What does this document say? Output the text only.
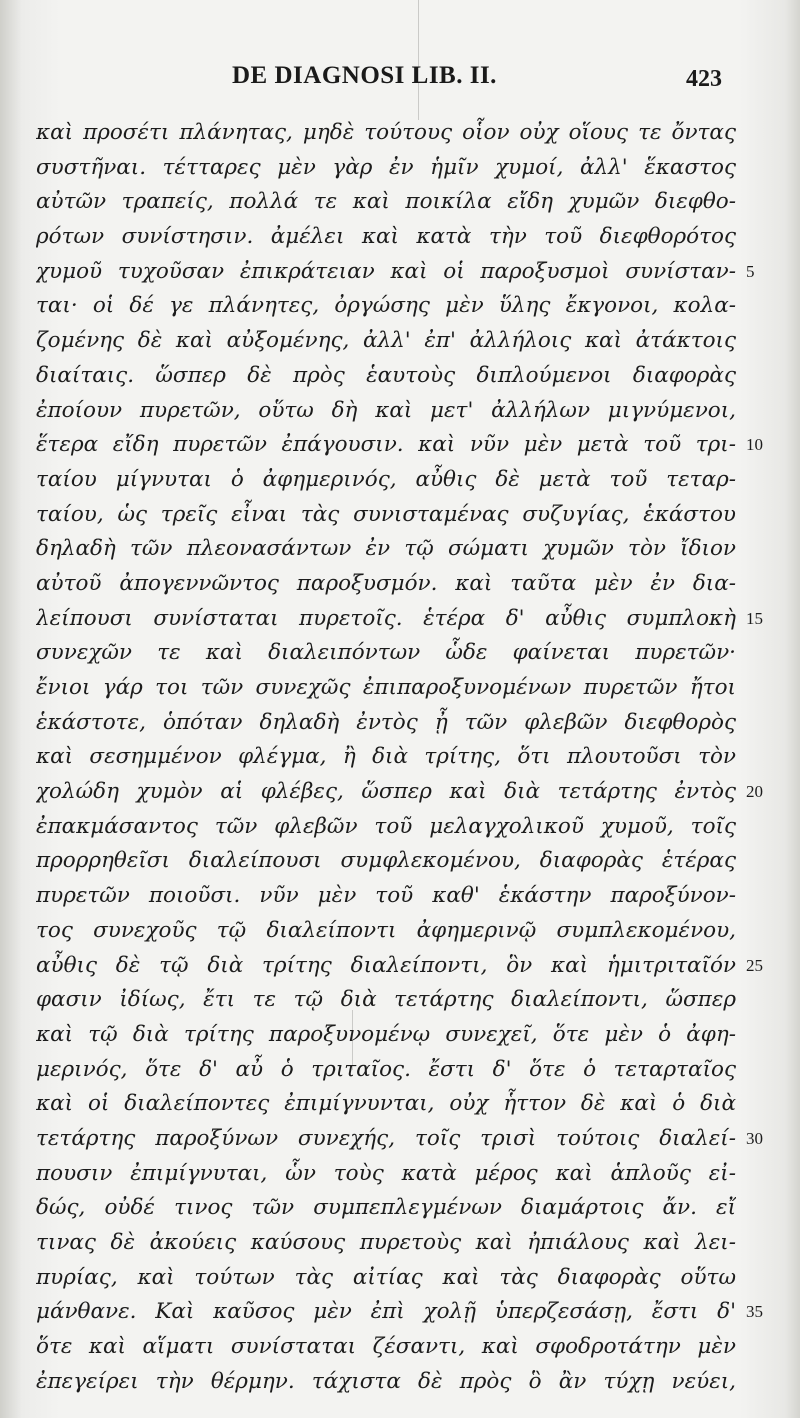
DE DIAGNOSI LIB. II.	423
καὶ προσέτι πλάνητας, μηδὲ τούτους οἷον οὐχ οἵους τε ὄντας
συστῆναι. τέτταρες μὲν γὰρ ἐν ἡμῖν χυμοί, ἀλλ' ἕκαστος
αὐτῶν τραπείς, πολλά τε καὶ ποικίλα εἴδη χυμῶν διεφθο-
ρότων συνίστησιν. ἀμέλει καὶ κατὰ τὴν τοῦ διεφθορότος
χυμοῦ τυχοῦσαν ἐπικράτειαν καὶ οἱ παροξυσμοὶ συνίσταν- 5
ται· οἱ δέ γε πλάνητες, ὀργώσης μὲν ὕλης ἔκγονοι, κολα-
ζομένης δὲ καὶ αὐξομένης, ἀλλ' ἐπ' ἀλλήλοις καὶ ἀτάκτοις
διαίταις. ὥσπερ δὲ πρὸς ἑαυτοὺς διπλούμενοι διαφορὰς
ἐποίουν πυρετῶν, οὕτω δὴ καὶ μετ' ἀλλήλων μιγνύμενοι,
ἕτερα εἴδη πυρετῶν ἐπάγουσιν. καὶ νῦν μὲν μετὰ τοῦ τρι- 10
ταίου μίγνυται ὁ ἀφημερινός, αὖθις δὲ μετὰ τοῦ τεταρ-
ταίου, ὡς τρεῖς εἶναι τὰς συνισταμένας συζυγίας, ἑκάστου
δηλαδὴ τῶν πλεονασάντων ἐν τῷ σώματι χυμῶν τὸν ἴδιον
αὐτοῦ ἀπογεννῶντος παροξυσμόν. καὶ ταῦτα μὲν ἐν δια-
λείπουσι συνίσταται πυρετοῖς. ἑτέρα δ' αὖθις συμπλοκὴ 15
συνεχῶν τε καὶ διαλειπόντων ὧδε φαίνεται πυρετῶν·
ἔνιοι γάρ τοι τῶν συνεχῶς ἐπιπαροξυνομένων πυρετῶν ἤτοι
ἑκάστοτε, ὁπόταν δηλαδὴ ἐντὸς ᾖ τῶν φλεβῶν διεφθορὸς
καὶ σεσημμένον φλέγμα, ἢ διὰ τρίτης, ὅτι πλουτοῦσι τὸν
χολώδη χυμὸν αἱ φλέβες, ὥσπερ καὶ διὰ τετάρτης ἐντὸς 20
ἐπακμάσαντος τῶν φλεβῶν τοῦ μελαγχολικοῦ χυμοῦ, τοῖς
προρρηθεῖσι διαλείπουσι συμφλεκομένου, διαφορὰς ἑτέρας
πυρετῶν ποιοῦσι. νῦν μὲν τοῦ καθ' ἑκάστην παροξύνον-
τος συνεχοῦς τῷ διαλείποντι ἀφημερινῷ συμπλεκομένου,
αὖθις δὲ τῷ διὰ τρίτης διαλείποντι, ὃν καὶ ἡμιτριταῖόν 25
φασιν ἰδίως, ἔτι τε τῷ διὰ τετάρτης διαλείποντι, ὥσπερ
καὶ τῷ διὰ τρίτης παροξυνομένῳ συνεχεῖ, ὅτε μὲν ὁ ἀφη-
μερινός, ὅτε δ' αὖ ὁ τριταῖος. ἔστι δ' ὅτε ὁ τεταρταῖος
καὶ οἱ διαλείποντες ἐπιμίγνυνται, οὐχ ἧττον δὲ καὶ ὁ διὰ
τετάρτης παροξύνων συνεχής, τοῖς τρισὶ τούτοις διαλεί- 30
πουσιν ἐπιμίγνυται, ὧν τοὺς κατὰ μέρος καὶ ἁπλοῦς εἰ-
δώς, οὐδέ τινος τῶν συμπεπλεγμένων διαμάρτοις ἄν. εἴ
τινας δὲ ἀκούεις καύσους πυρετοὺς καὶ ἠπιάλους καὶ λει-
πυρίας, καὶ τούτων τὰς αἰτίας καὶ τὰς διαφορὰς οὕτω
μάνθανε. Καὶ καῦσος μὲν ἐπὶ χολῇ ὑπερζεσάσῃ, ἔστι δ' 35
ὅτε καὶ αἵματι συνίσταται ζέσαντι, καὶ σφοδροτάτην μὲν
ἐπεγείρει τὴν θέρμην. τάχιστα δὲ πρὸς ὃ ἂν τύχῃ νεύει,
